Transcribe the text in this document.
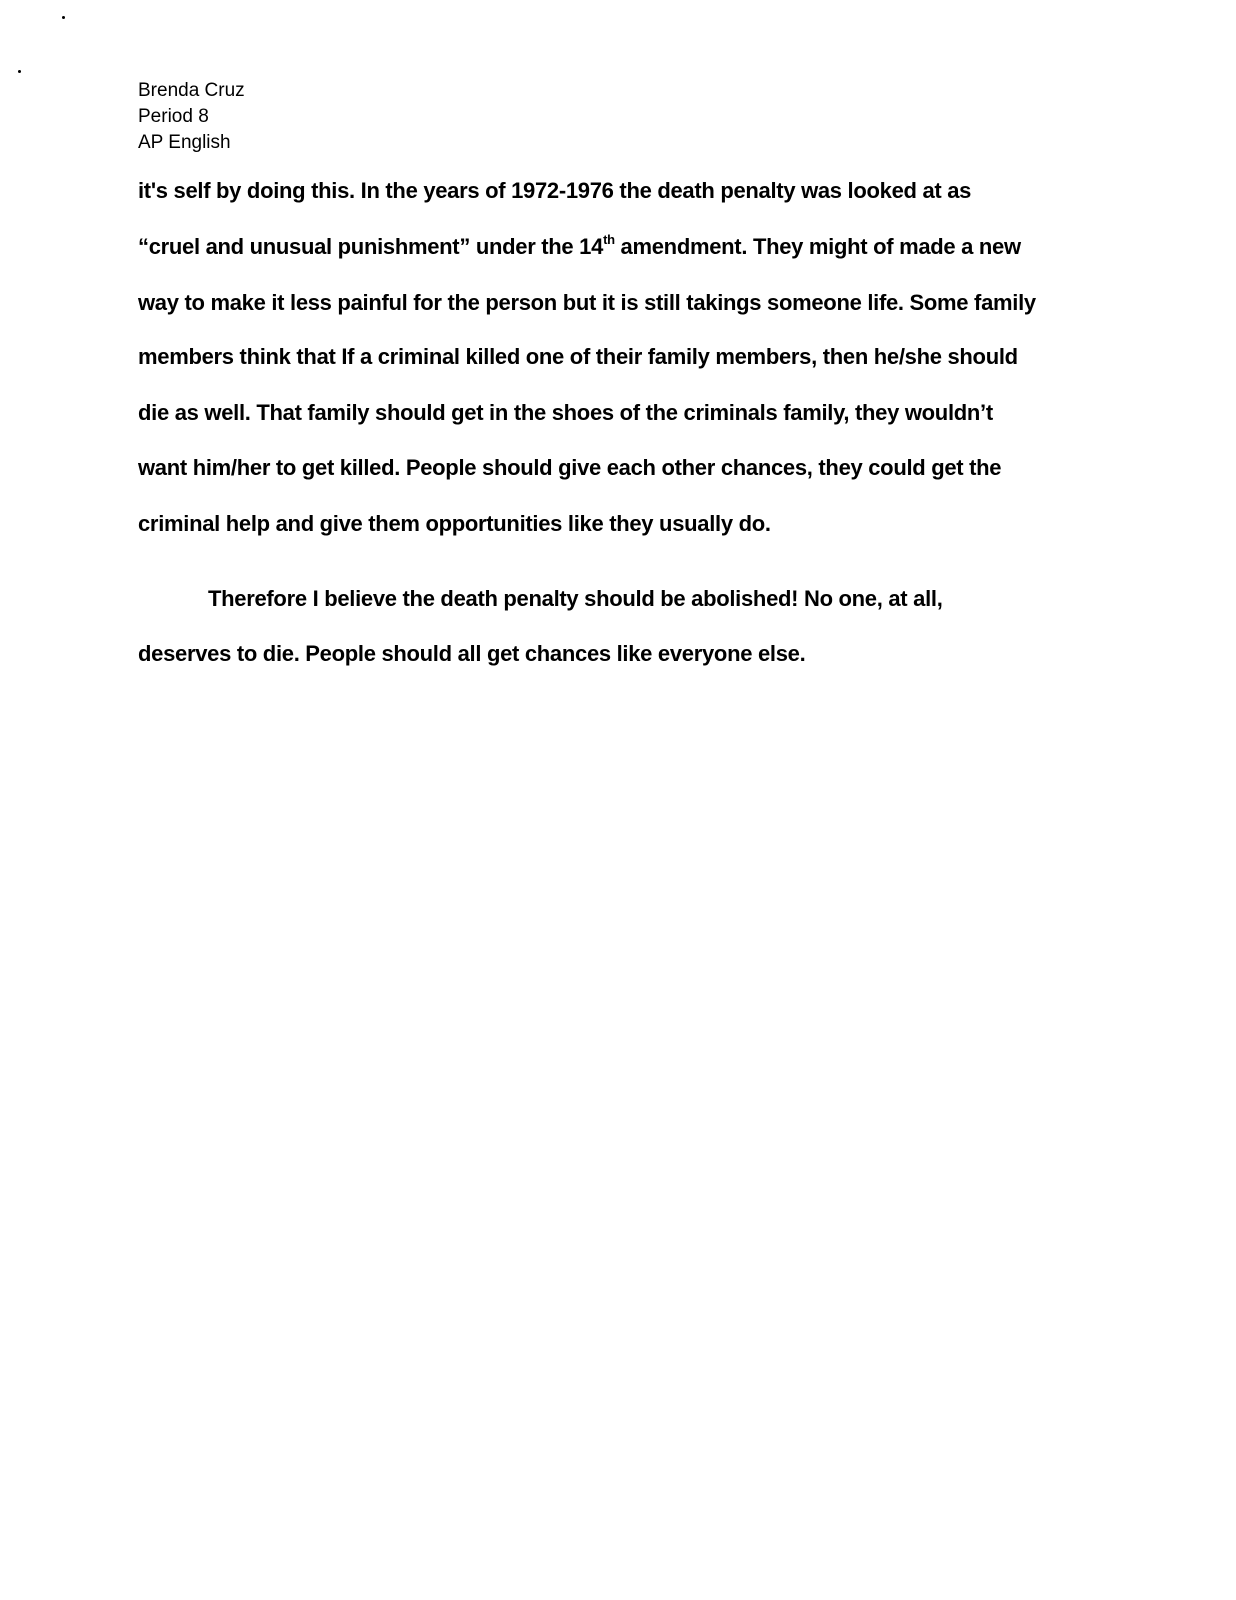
Brenda Cruz
Period 8
AP English
it's self by doing this. In the years of 1972-1976 the death penalty was looked at as
“cruel and unusual punishment” under the 14th amendment. They might of made a new
way to make it less painful for the person but it is still takings someone life. Some family
members think that If a criminal killed one of their family members, then he/she should
die as well. That family should get in the shoes of the criminals family, they wouldn’t
want him/her to get killed. People should give each other chances, they could get the
criminal help and give them opportunities like they usually do.
Therefore I believe the death penalty should be abolished! No one, at all,
deserves to die. People should all get chances like everyone else.
